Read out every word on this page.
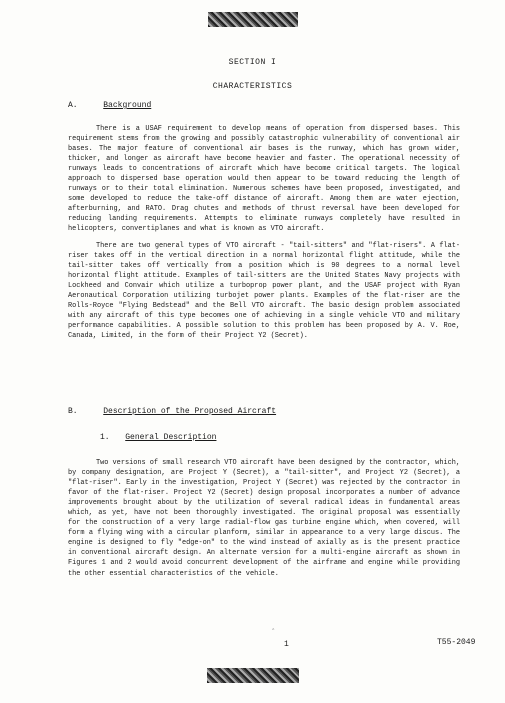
SECTION I
CHARACTERISTICS
A.	Background
There is a USAF requirement to develop means of operation from dispersed bases. This requirement stems from the growing and possibly catastrophic vulnerability of conventional air bases. The major feature of conventional air bases is the runway, which has grown wider, thicker, and longer as aircraft have become heavier and faster. The operational necessity of runways leads to concentrations of aircraft which have become critical targets. The logical approach to dispersed base operation would then appear to be toward reducing the length of runways or to their total elimination. Numerous schemes have been proposed, investigated, and some developed to reduce the take-off distance of aircraft. Among them are water ejection, afterburning, and RATO. Drag chutes and methods of thrust reversal have been developed for reducing landing requirements. Attempts to eliminate runways completely have resulted in helicopters, convertiplanes and what is known as VTO aircraft.
There are two general types of VTO aircraft - "tail-sitters" and "flat-risers". A flat-riser takes off in the vertical direction in a normal horizontal flight attitude, while the tail-sitter takes off vertically from a position which is 90 degrees to a normal level horizontal flight attitude. Examples of tail-sitters are the United States Navy projects with Lockheed and Convair which utilize a turboprop power plant, and the USAF project with Ryan Aeronautical Corporation utilizing turbojet power plants. Examples of the flat-riser are the Rolls-Royce "Flying Bedstead" and the Bell VTO aircraft. The basic design problem associated with any aircraft of this type becomes one of achieving in a single vehicle VTO and military performance capabilities. A possible solution to this problem has been proposed by A. V. Roe, Canada, Limited, in the form of their Project Y2 (Secret).
B.	Description of the Proposed Aircraft
1. General Description
Two versions of small research VTO aircraft have been designed by the contractor, which, by company designation, are Project Y (Secret), a "tail-sitter", and Project Y2 (Secret), a "flat-riser". Early in the investigation, Project Y (Secret) was rejected by the contractor in favor of the flat-riser. Project Y2 (Secret) design proposal incorporates a number of advance improvements brought about by the utilization of several radical ideas in fundamental areas which, as yet, have not been thoroughly investigated. The original proposal was essentially for the construction of a very large radial-flow gas turbine engine which, when covered, will form a flying wing with a circular planform, similar in appearance to a very large discus. The engine is designed to fly "edge-on" to the wind instead of axially as is the present practice in conventional aircraft design. An alternate version for a multi-engine aircraft as shown in Figures 1 and 2 would avoid concurrent development of the airframe and engine while providing the other essential characteristics of the vehicle.
‸
1	T55-2049
